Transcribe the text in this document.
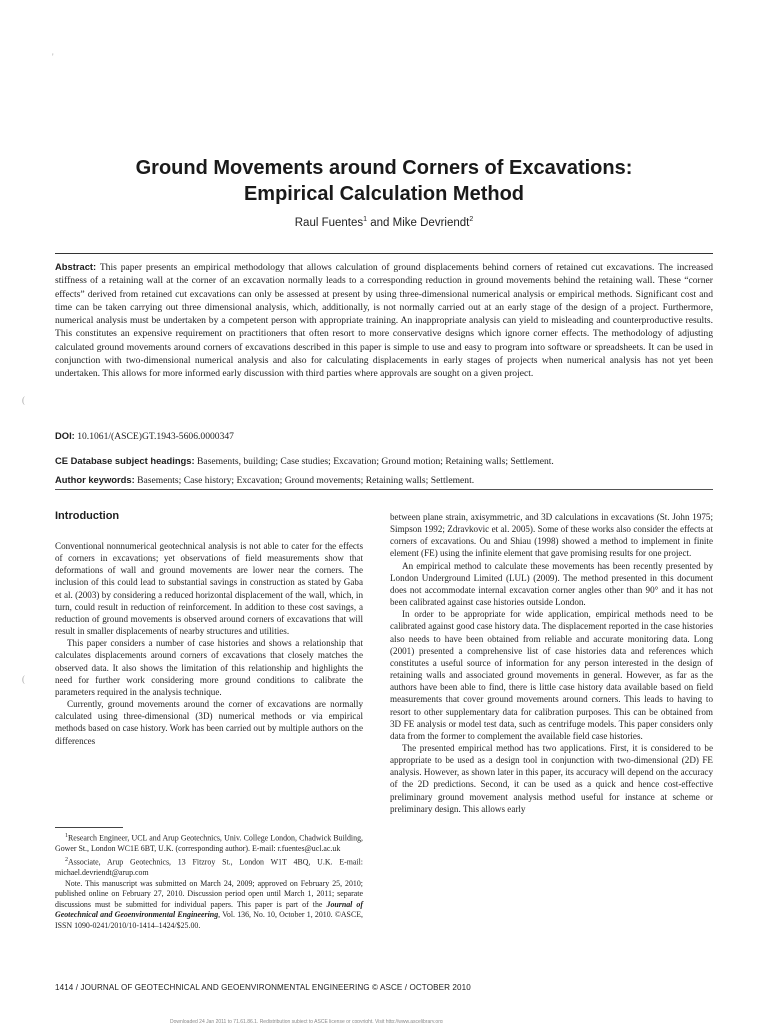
'
(
(
Ground Movements around Corners of Excavations:
Empirical Calculation Method
Raul Fuentes$^1$ and Mike Devriendt$^2$
Abstract: This paper presents an empirical methodology that allows calculation of ground displacements behind corners of retained cut excavations. The increased stiffness of a retaining wall at the corner of an excavation normally leads to a corresponding reduction in ground movements behind the retaining wall. These “corner effects” derived from retained cut excavations can only be assessed at present by using three-dimensional numerical analysis or empirical methods. Significant cost and time can be taken carrying out three dimensional analysis, which, additionally, is not normally carried out at an early stage of the design of a project. Furthermore, numerical analysis must be undertaken by a competent person with appropriate training. An inappropriate analysis can yield to misleading and counterproductive results. This constitutes an expensive requirement on practitioners that often resort to more conservative designs which ignore corner effects. The methodology of adjusting calculated ground movements around corners of excavations described in this paper is simple to use and easy to program into software or spreadsheets. It can be used in conjunction with two-dimensional numerical analysis and also for calculating displacements in early stages of projects when numerical analysis has not yet been undertaken. This allows for more informed early discussion with third parties where approvals are sought on a given project.
DOI: 10.1061/(ASCE)GT.1943-5606.0000347
CE Database subject headings: Basements, building; Case studies; Excavation; Ground motion; Retaining walls; Settlement.
Author keywords: Basements; Case history; Excavation; Ground movements; Retaining walls; Settlement.
Introduction

Conventional nonnumerical geotechnical analysis is not able to cater for the effects of corners in excavations; yet observations of field measurements show that deformations of wall and ground movements are lower near the corners. The inclusion of this could lead to substantial savings in construction as stated by Gaba et al. (2003) by considering a reduced horizontal displacement of the wall, which, in turn, could result in reduction of reinforcement. In addition to these cost savings, a reduction of ground movements is observed around corners of excavations that will result in smaller displacements of nearby structures and utilities.

This paper considers a number of case histories and shows a relationship that calculates displacements around corners of excavations that closely matches the observed data. It also shows the limitation of this relationship and highlights the need for further work considering more ground conditions to calibrate the parameters required in the analysis technique.

Currently, ground movements around the corner of excavations are normally calculated using three-dimensional (3D) numerical methods or via empirical methods based on case history. Work has been carried out by multiple authors on the differences

$^1$Research Engineer, UCL and Arup Geotechnics, Univ. College London, Chadwick Building, Gower St., London WC1E 6BT, U.K. (corresponding author). E-mail: r.fuentes@ucl.ac.uk

$^2$Associate, Arup Geotechnics, 13 Fitzroy St., London W1T 4BQ, U.K. E-mail: michael.devriendt@arup.com

Note. This manuscript was submitted on March 24, 2009; approved on February 25, 2010; published online on February 27, 2010. Discussion period open until March 1, 2011; separate discussions must be submitted for individual papers. This paper is part of the Journal of Geotechnical and Geoenvironmental Engineering, Vol. 136, No. 10, October 1, 2010. ©ASCE, ISSN 1090-0241/2010/10-1414–1424/$25.00.

between plane strain, axisymmetric, and 3D calculations in excavations (St. John 1975; Simpson 1992; Zdravkovic et al. 2005). Some of these works also consider the effects at corners of excavations. Ou and Shiau (1998) showed a method to implement in finite element (FE) using the infinite element that gave promising results for one project.

An empirical method to calculate these movements has been recently presented by London Underground Limited (LUL) (2009). The method presented in this document does not accommodate internal excavation corner angles other than 90° and it has not been calibrated against case histories outside London.

In order to be appropriate for wide application, empirical methods need to be calibrated against good case history data. The displacement reported in the case histories also needs to have been obtained from reliable and accurate monitoring data. Long (2001) presented a comprehensive list of case histories data and references which constitutes a useful source of information for any person interested in the design of retaining walls and associated ground movements in general. However, as far as the authors have been able to find, there is little case history data available based on field measurements that cover ground movements around corners. This leads to having to resort to other supplementary data for calibration purposes. This can be obtained from 3D FE analysis or model test data, such as centrifuge models. This paper considers only data from the former to complement the available field case histories.

The presented empirical method has two applications. First, it is considered to be appropriate to be used as a design tool in conjunction with two-dimensional (2D) FE analysis. However, as shown later in this paper, its accuracy will depend on the accuracy of the 2D predictions. Second, it can be used as a quick and hence cost-effective preliminary ground movement analysis method useful for instance at scheme or preliminary design. This allows early

1414 / JOURNAL OF GEOTECHNICAL AND GEOENVIRONMENTAL ENGINEERING © ASCE / OCTOBER 2010
Downloaded 24 Jan 2011 to 71.61.86.1. Redistribution subject to ASCE license or copyright. Visit http://www.ascelibrary.org
